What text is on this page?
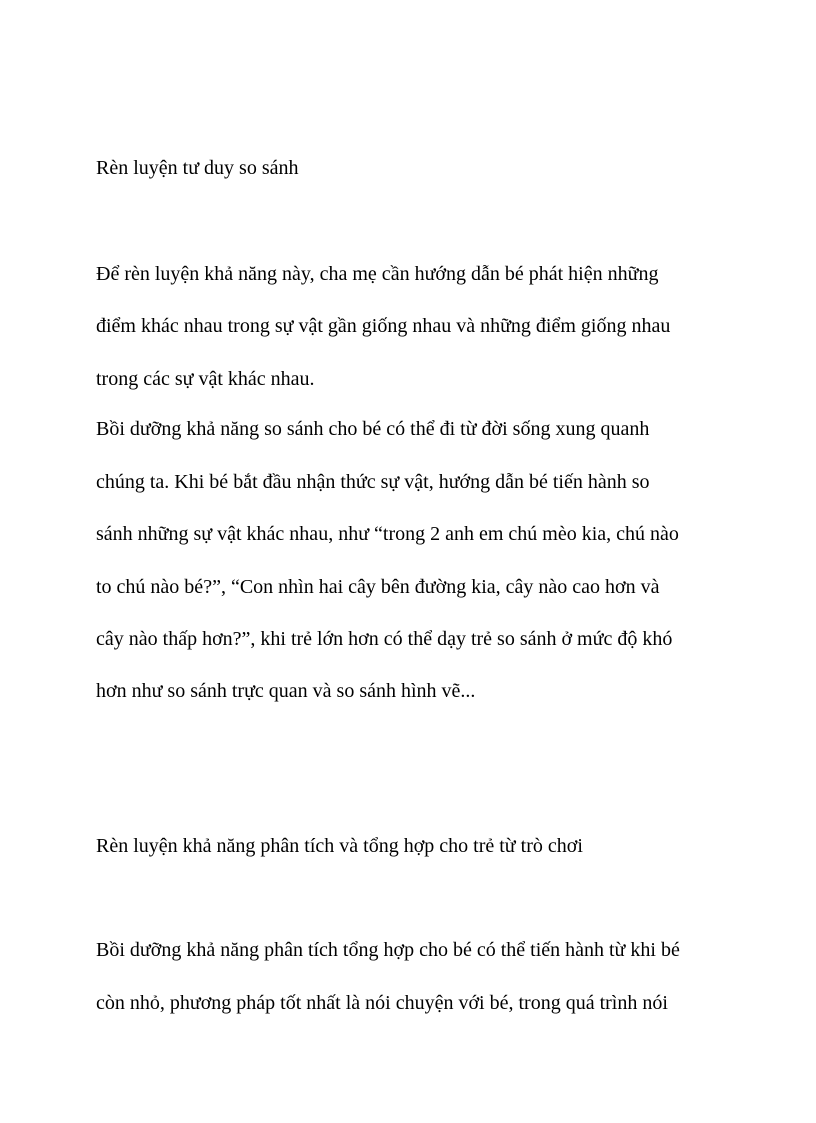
Rèn luyện tư duy so sánh

Để rèn luyện khả năng này, cha mẹ cần hướng dẫn bé phát hiện những

điểm khác nhau trong sự vật gần giống nhau và những điểm giống nhau

trong các sự vật khác nhau.

Bồi dưỡng khả năng so sánh cho bé có thể đi từ đời sống xung quanh

chúng ta. Khi bé bắt đầu nhận thức sự vật, hướng dẫn bé tiến hành so

sánh những sự vật khác nhau, như “trong 2 anh em chú mèo kia, chú nào

to chú nào bé?”, “Con nhìn hai cây bên đường kia, cây nào cao hơn và

cây nào thấp hơn?”, khi trẻ lớn hơn có thể dạy trẻ so sánh ở mức độ khó

hơn như so sánh trực quan và so sánh hình vẽ...

Rèn luyện khả năng phân tích và tổng hợp cho trẻ từ trò chơi

Bồi dưỡng khả năng phân tích tổng hợp cho bé có thể tiến hành từ khi bé

còn nhỏ, phương pháp tốt nhất là nói chuyện với bé, trong quá trình nói
